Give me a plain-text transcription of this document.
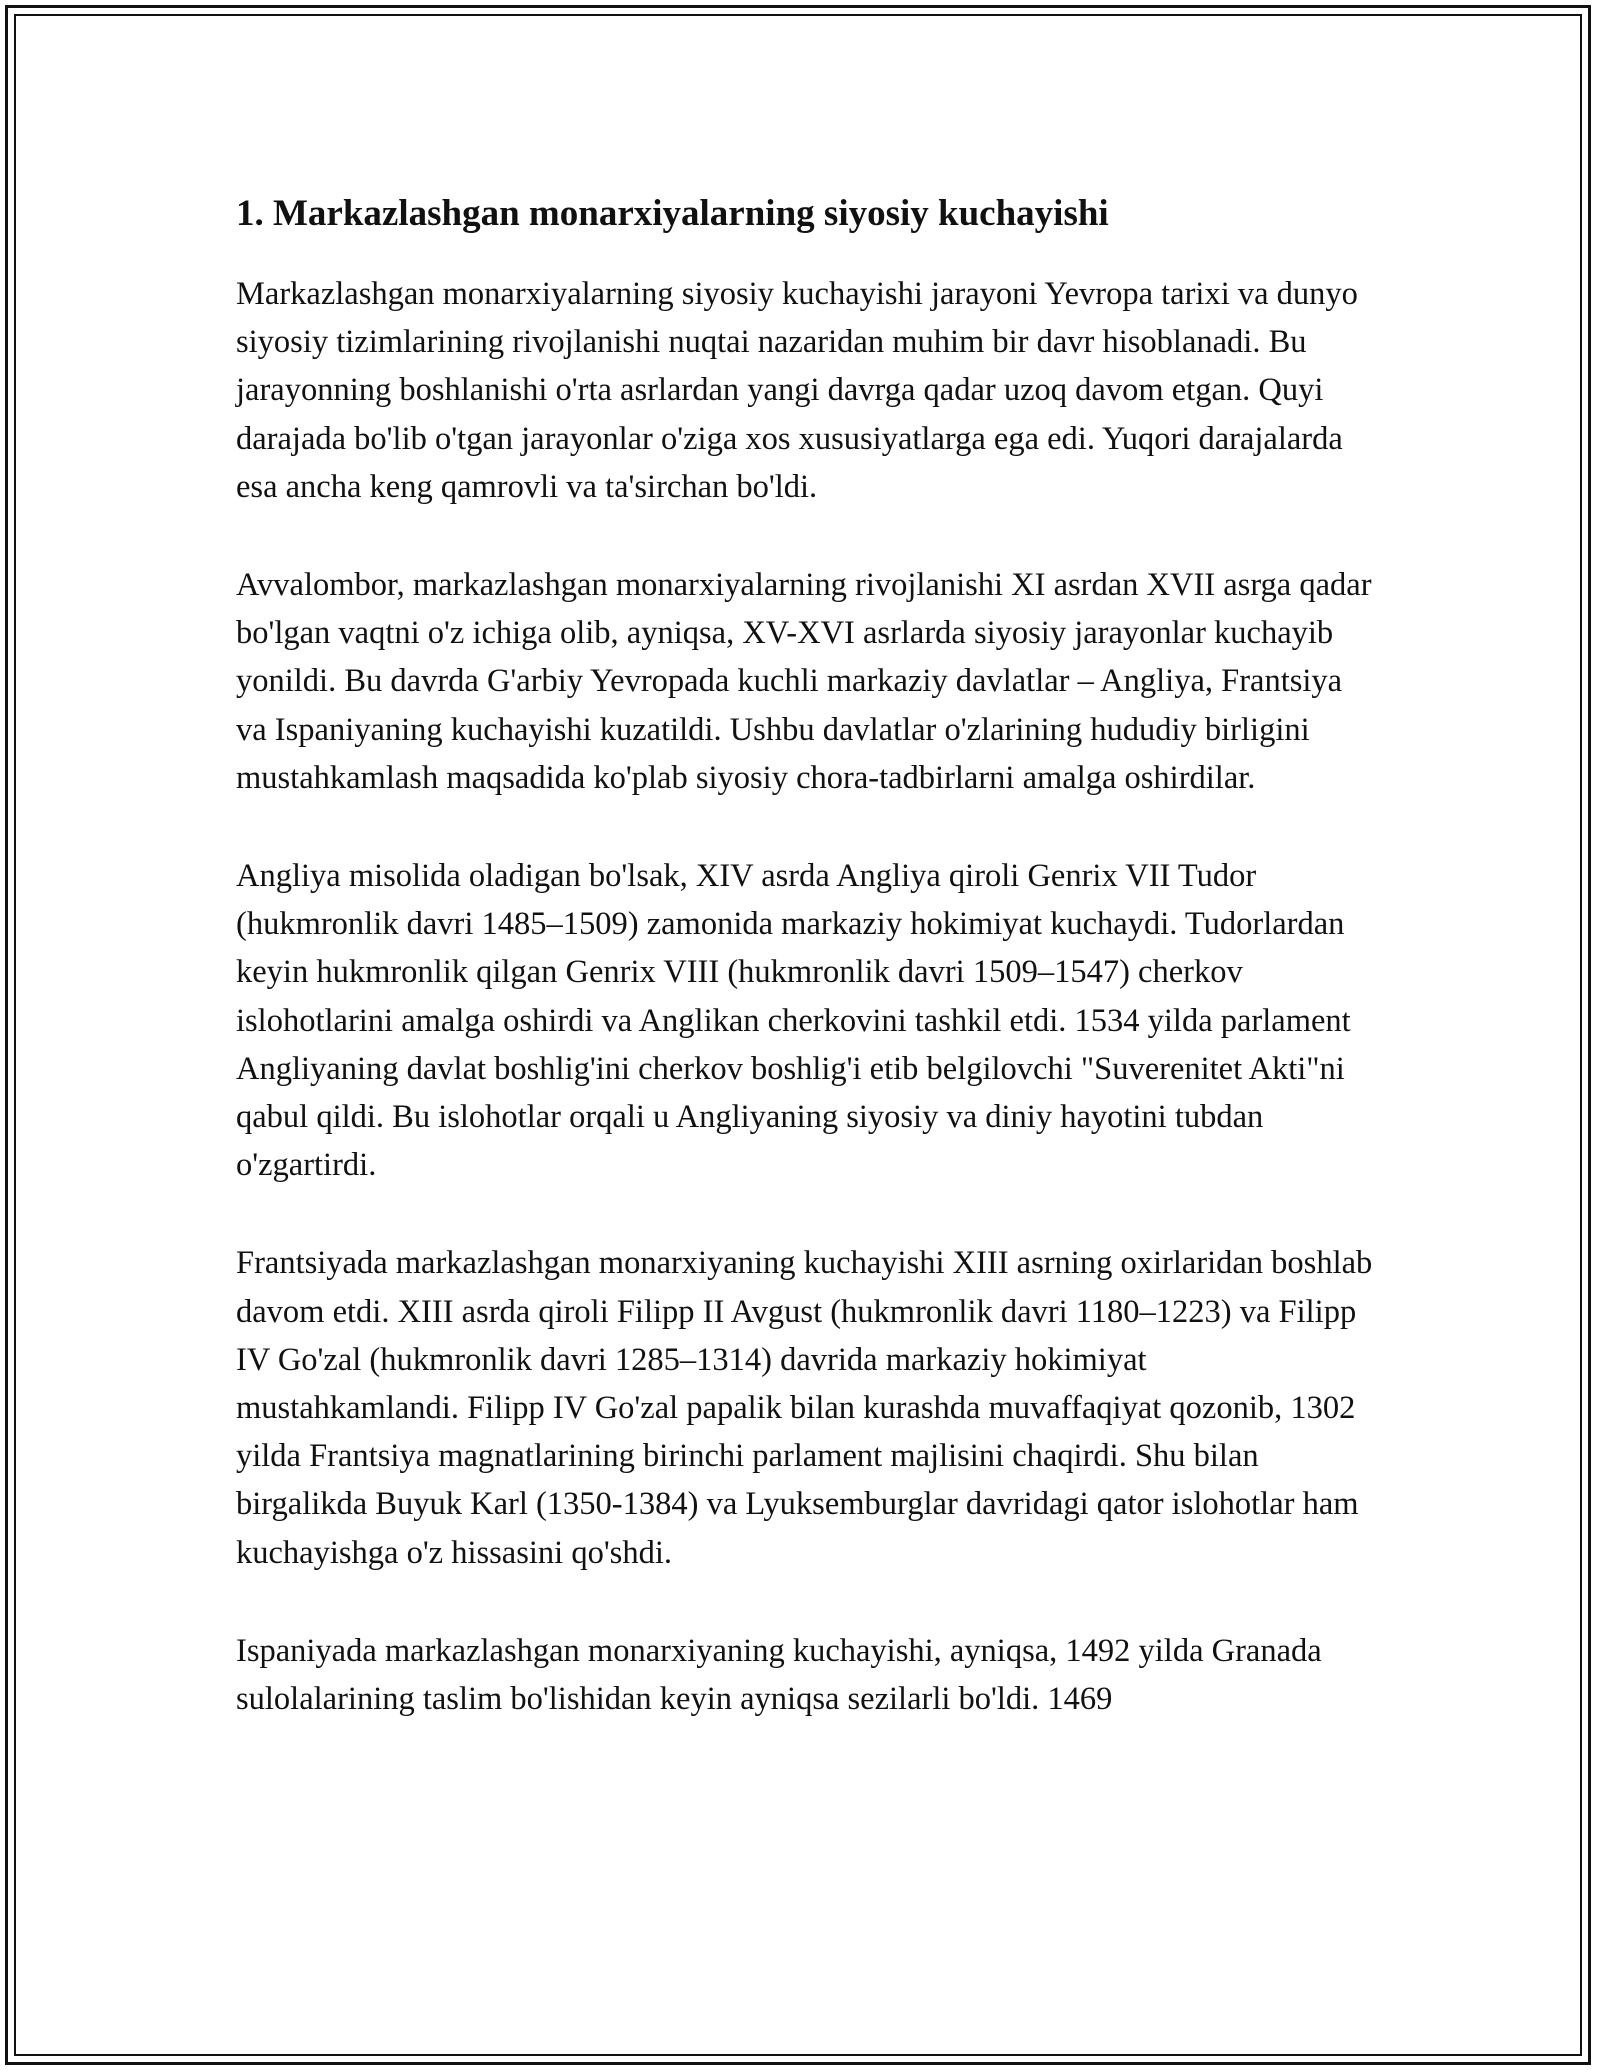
1. Markazlashgan monarxiyalarning siyosiy kuchayishi

Markazlashgan monarxiyalarning siyosiy kuchayishi jarayoni Yevropa tarixi va dunyo siyosiy tizimlarining rivojlanishi nuqtai nazaridan muhim bir davr hisoblanadi. Bu jarayonning boshlanishi o'rta asrlardan yangi davrga qadar uzoq davom etgan. Quyi darajada bo'lib o'tgan jarayonlar o'ziga xos xususiyatlarga ega edi. Yuqori darajalarda esa ancha keng qamrovli va ta'sirchan bo'ldi.

Avvalombor, markazlashgan monarxiyalarning rivojlanishi XI asrdan XVII asrga qadar bo'lgan vaqtni o'z ichiga olib, ayniqsa, XV-XVI asrlarda siyosiy jarayonlar kuchayib yonildi. Bu davrda G'arbiy Yevropada kuchli markaziy davlatlar – Angliya, Frantsiya va Ispaniyaning kuchayishi kuzatildi. Ushbu davlatlar o'zlarining hududiy birligini mustahkamlash maqsadida ko'plab siyosiy chora-tadbirlarni amalga oshirdilar.

Angliya misolida oladigan bo'lsak, XIV asrda Angliya qiroli Genrix VII Tudor (hukmronlik davri 1485–1509) zamonida markaziy hokimiyat kuchaydi. Tudorlardan keyin hukmronlik qilgan Genrix VIII (hukmronlik davri 1509–1547) cherkov islohotlarini amalga oshirdi va Anglikan cherkovini tashkil etdi. 1534 yilda parlament Angliyaning davlat boshlig'ini cherkov boshlig'i etib belgilovchi "Suverenitet Akti"ni qabul qildi. Bu islohotlar orqali u Angliyaning siyosiy va diniy hayotini tubdan o'zgartirdi.

Frantsiyada markazlashgan monarxiyaning kuchayishi XIII asrning oxirlaridan boshlab davom etdi. XIII asrda qiroli Filipp II Avgust (hukmronlik davri 1180–1223) va Filipp IV Go'zal (hukmronlik davri 1285–1314) davrida markaziy hokimiyat mustahkamlandi. Filipp IV Go'zal papalik bilan kurashda muvaffaqiyat qozonib, 1302 yilda Frantsiya magnatlarining birinchi parlament majlisini chaqirdi. Shu bilan birgalikda Buyuk Karl (1350-1384) va Lyuksemburglar davridagi qator islohotlar ham kuchayishga o'z hissasini qo'shdi.

Ispaniyada markazlashgan monarxiyaning kuchayishi, ayniqsa, 1492 yilda Granada sulolalarining taslim bo'lishidan keyin ayniqsa sezilarli bo'ldi. 1469
